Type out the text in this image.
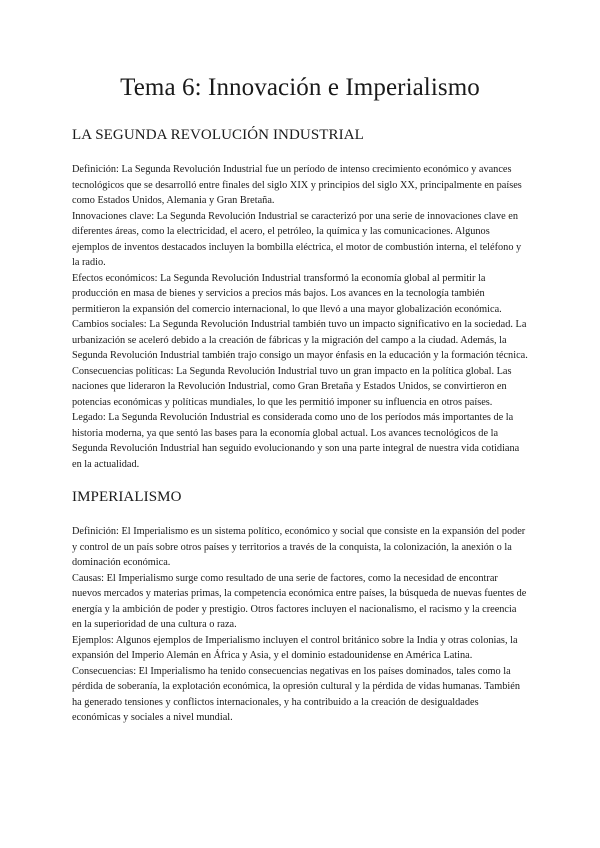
Tema 6: Innovación e Imperialismo
LA SEGUNDA REVOLUCIÓN INDUSTRIAL

Definición: La Segunda Revolución Industrial fue un período de intenso crecimiento económico y avances tecnológicos que se desarrolló entre finales del siglo XIX y principios del siglo XX, principalmente en países como Estados Unidos, Alemania y Gran Bretaña.

Innovaciones clave: La Segunda Revolución Industrial se caracterizó por una serie de innovaciones clave en diferentes áreas, como la electricidad, el acero, el petróleo, la química y las comunicaciones. Algunos ejemplos de inventos destacados incluyen la bombilla eléctrica, el motor de combustión interna, el teléfono y la radio.

Efectos económicos: La Segunda Revolución Industrial transformó la economía global al permitir la producción en masa de bienes y servicios a precios más bajos. Los avances en la tecnología también permitieron la expansión del comercio internacional, lo que llevó a una mayor globalización económica.

Cambios sociales: La Segunda Revolución Industrial también tuvo un impacto significativo en la sociedad. La urbanización se aceleró debido a la creación de fábricas y la migración del campo a la ciudad. Además, la Segunda Revolución Industrial también trajo consigo un mayor énfasis en la educación y la formación técnica.

Consecuencias políticas: La Segunda Revolución Industrial tuvo un gran impacto en la política global. Las naciones que lideraron la Revolución Industrial, como Gran Bretaña y Estados Unidos, se convirtieron en potencias económicas y políticas mundiales, lo que les permitió imponer su influencia en otros países.

Legado: La Segunda Revolución Industrial es considerada como uno de los períodos más importantes de la historia moderna, ya que sentó las bases para la economía global actual. Los avances tecnológicos de la Segunda Revolución Industrial han seguido evolucionando y son una parte integral de nuestra vida cotidiana en la actualidad.

IMPERIALISMO

Definición: El Imperialismo es un sistema político, económico y social que consiste en la expansión del poder y control de un país sobre otros países y territorios a través de la conquista, la colonización, la anexión o la dominación económica.

Causas: El Imperialismo surge como resultado de una serie de factores, como la necesidad de encontrar nuevos mercados y materias primas, la competencia económica entre países, la búsqueda de nuevas fuentes de energía y la ambición de poder y prestigio. Otros factores incluyen el nacionalismo, el racismo y la creencia en la superioridad de una cultura o raza.

Ejemplos: Algunos ejemplos de Imperialismo incluyen el control británico sobre la India y otras colonias, la expansión del Imperio Alemán en África y Asia, y el dominio estadounidense en América Latina.

Consecuencias: El Imperialismo ha tenido consecuencias negativas en los países dominados, tales como la pérdida de soberanía, la explotación económica, la opresión cultural y la pérdida de vidas humanas. También ha generado tensiones y conflictos internacionales, y ha contribuido a la creación de desigualdades económicas y sociales a nivel mundial.
